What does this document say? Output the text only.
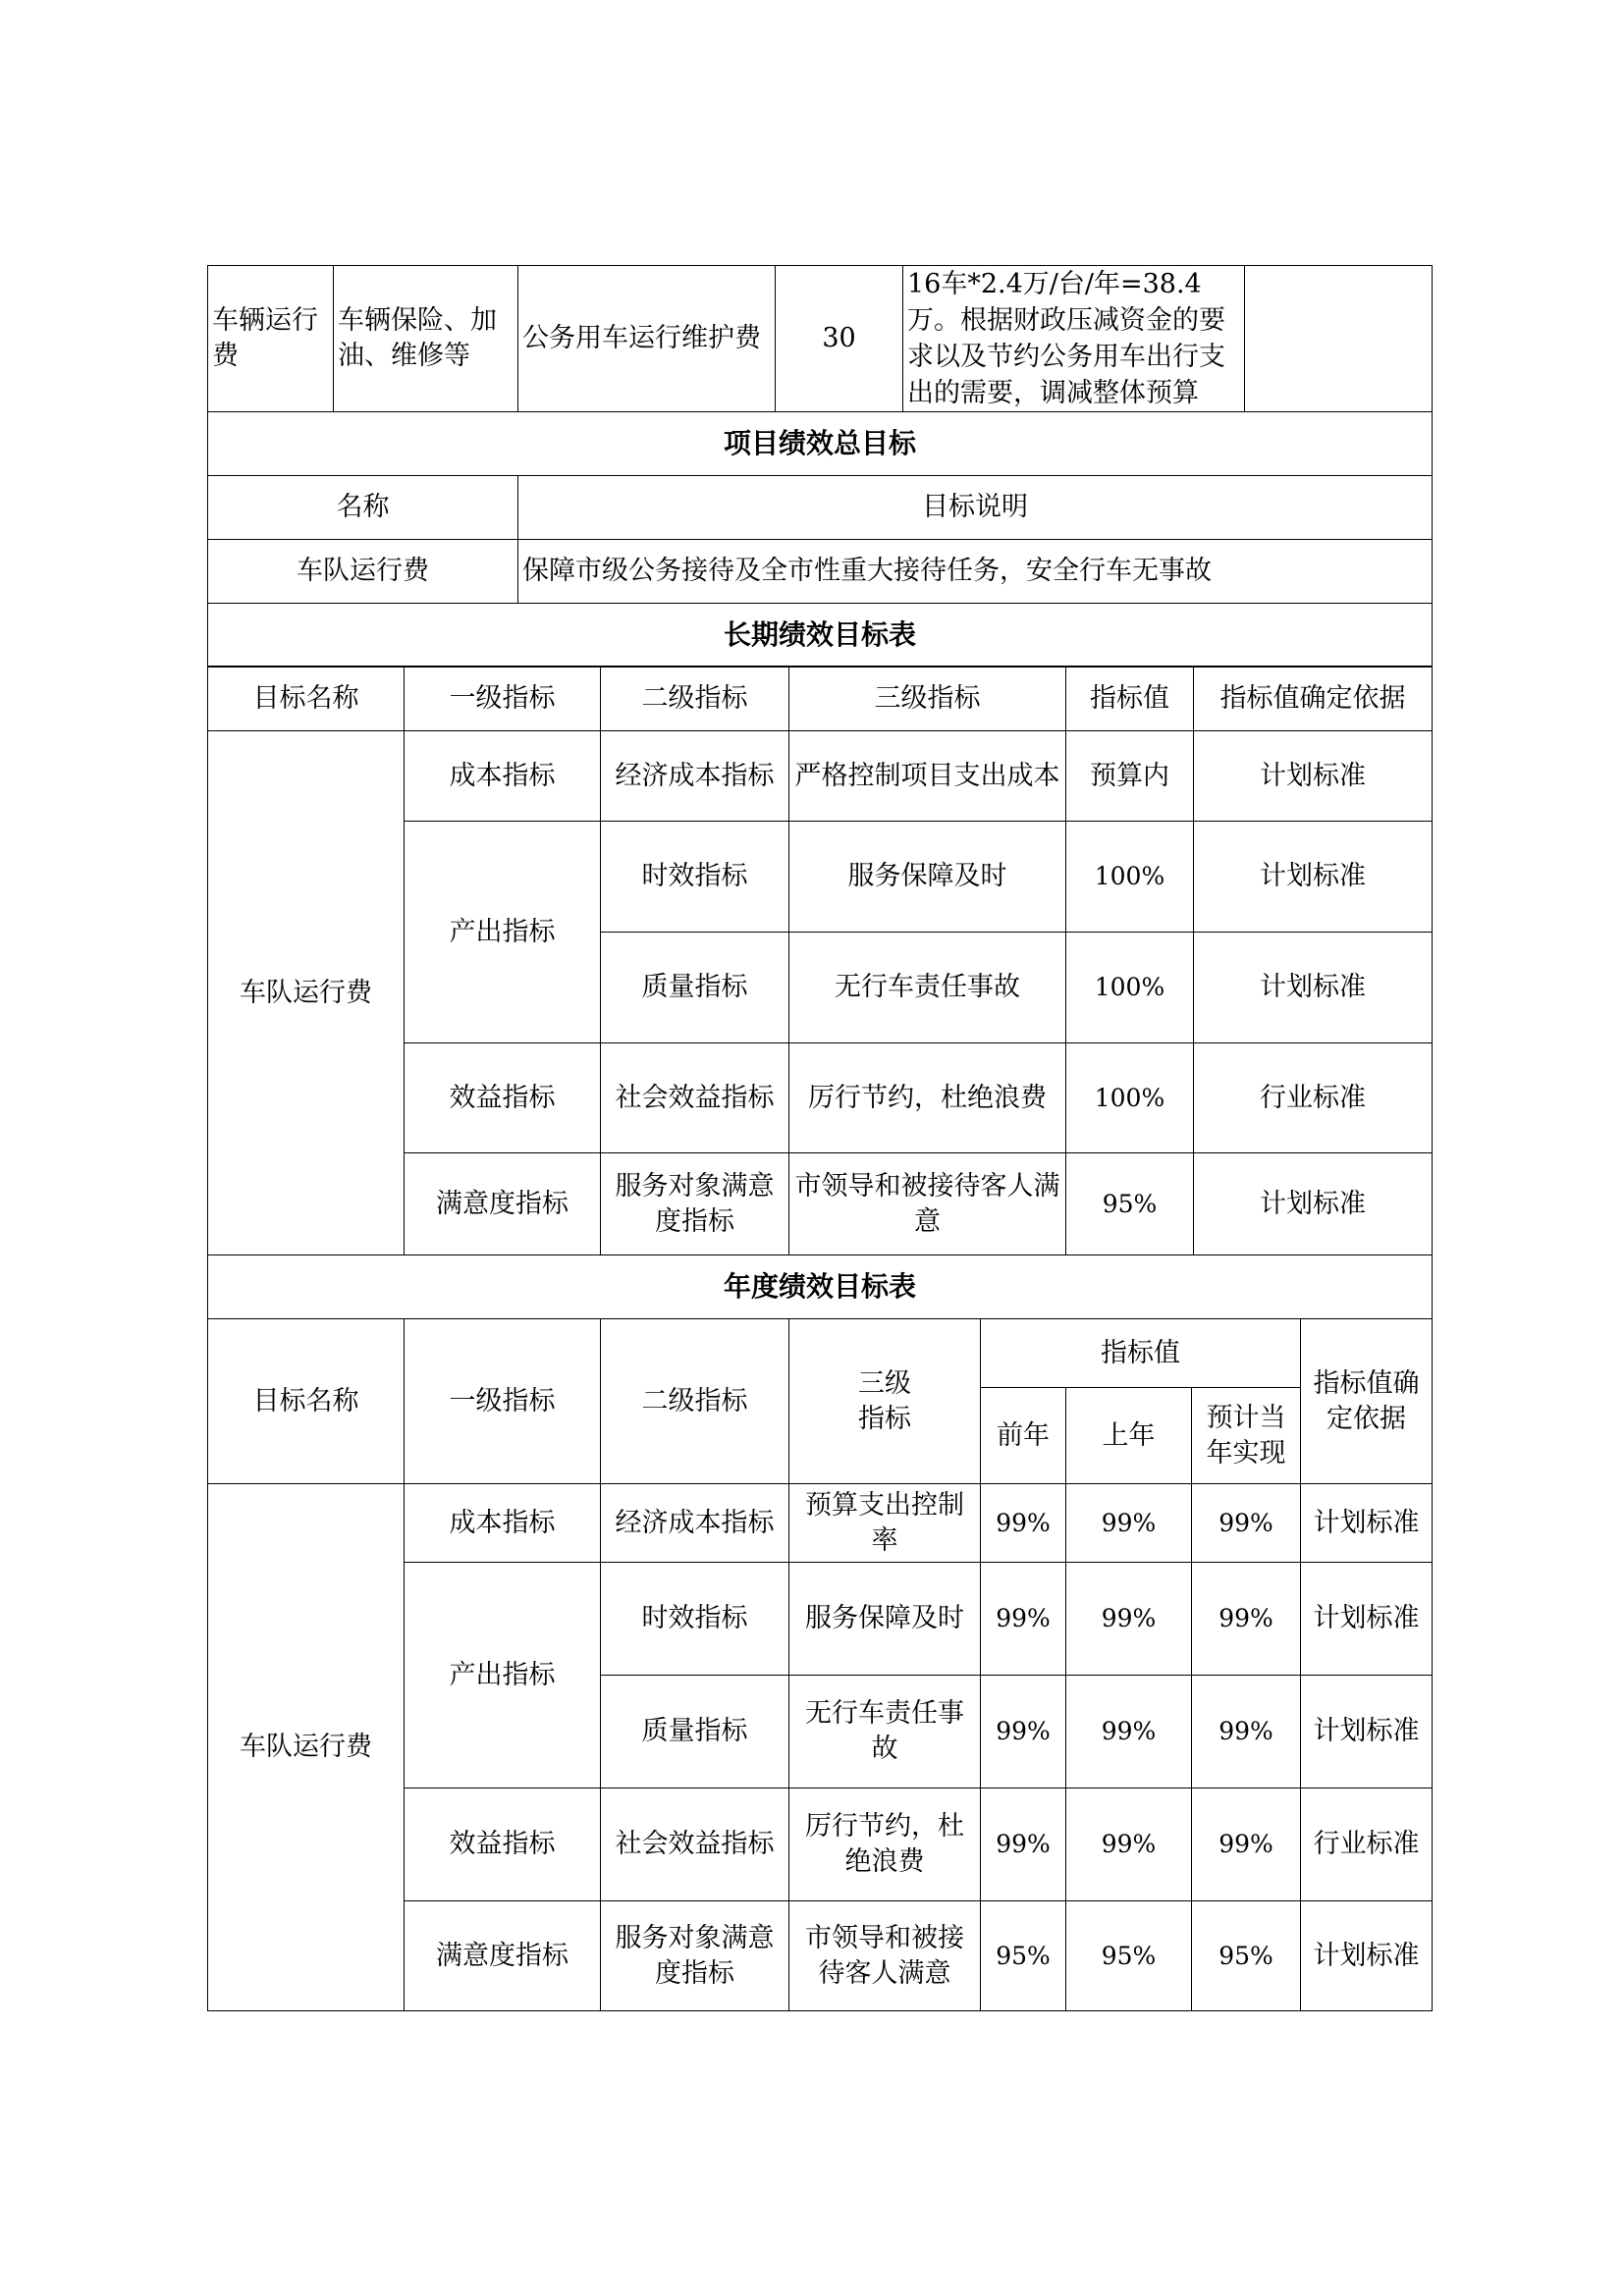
车辆运行费	车辆保险、加油、维修等	公务用车运行维护费	30	16车*2.4万/台/年=38.4万。根据财政压减资金的要求以及节约公务用车出行支出的需要，调减整体预算	
项目绩效总目标					
名称		目标说明			
车队运行费		保障市级公务接待及全市性重大接待任务，安全行车无事故			
长期绩效目标表					
目标名称	一级指标	二级指标	三级指标	指标值	指标值确定依据
车队运行费	成本指标	经济成本指标	严格控制项目支出成本	预算内	计划标准
	产出指标	时效指标	服务保障及时	100%	计划标准
		质量指标	无行车责任事故	100%	计划标准
	效益指标	社会效益指标	厉行节约，杜绝浪费	100%	行业标准
	满意度指标	服务对象满意度指标	市领导和被接待客人满意	95%	计划标准
年度绩效目标表					
目标名称	一级指标	二级指标	三级指标	指标值			指标值确定依据
				前年	上年	预计当年实现	
车队运行费	成本指标	经济成本指标	预算支出控制率	99%	99%	99%	计划标准
	产出指标	时效指标	服务保障及时	99%	99%	99%	计划标准
		质量指标	无行车责任事故	99%	99%	99%	计划标准
	效益指标	社会效益指标	厉行节约，杜绝浪费	99%	99%	99%	行业标准
	满意度指标	服务对象满意度指标	市领导和被接待客人满意	95%	95%	95%	计划标准
